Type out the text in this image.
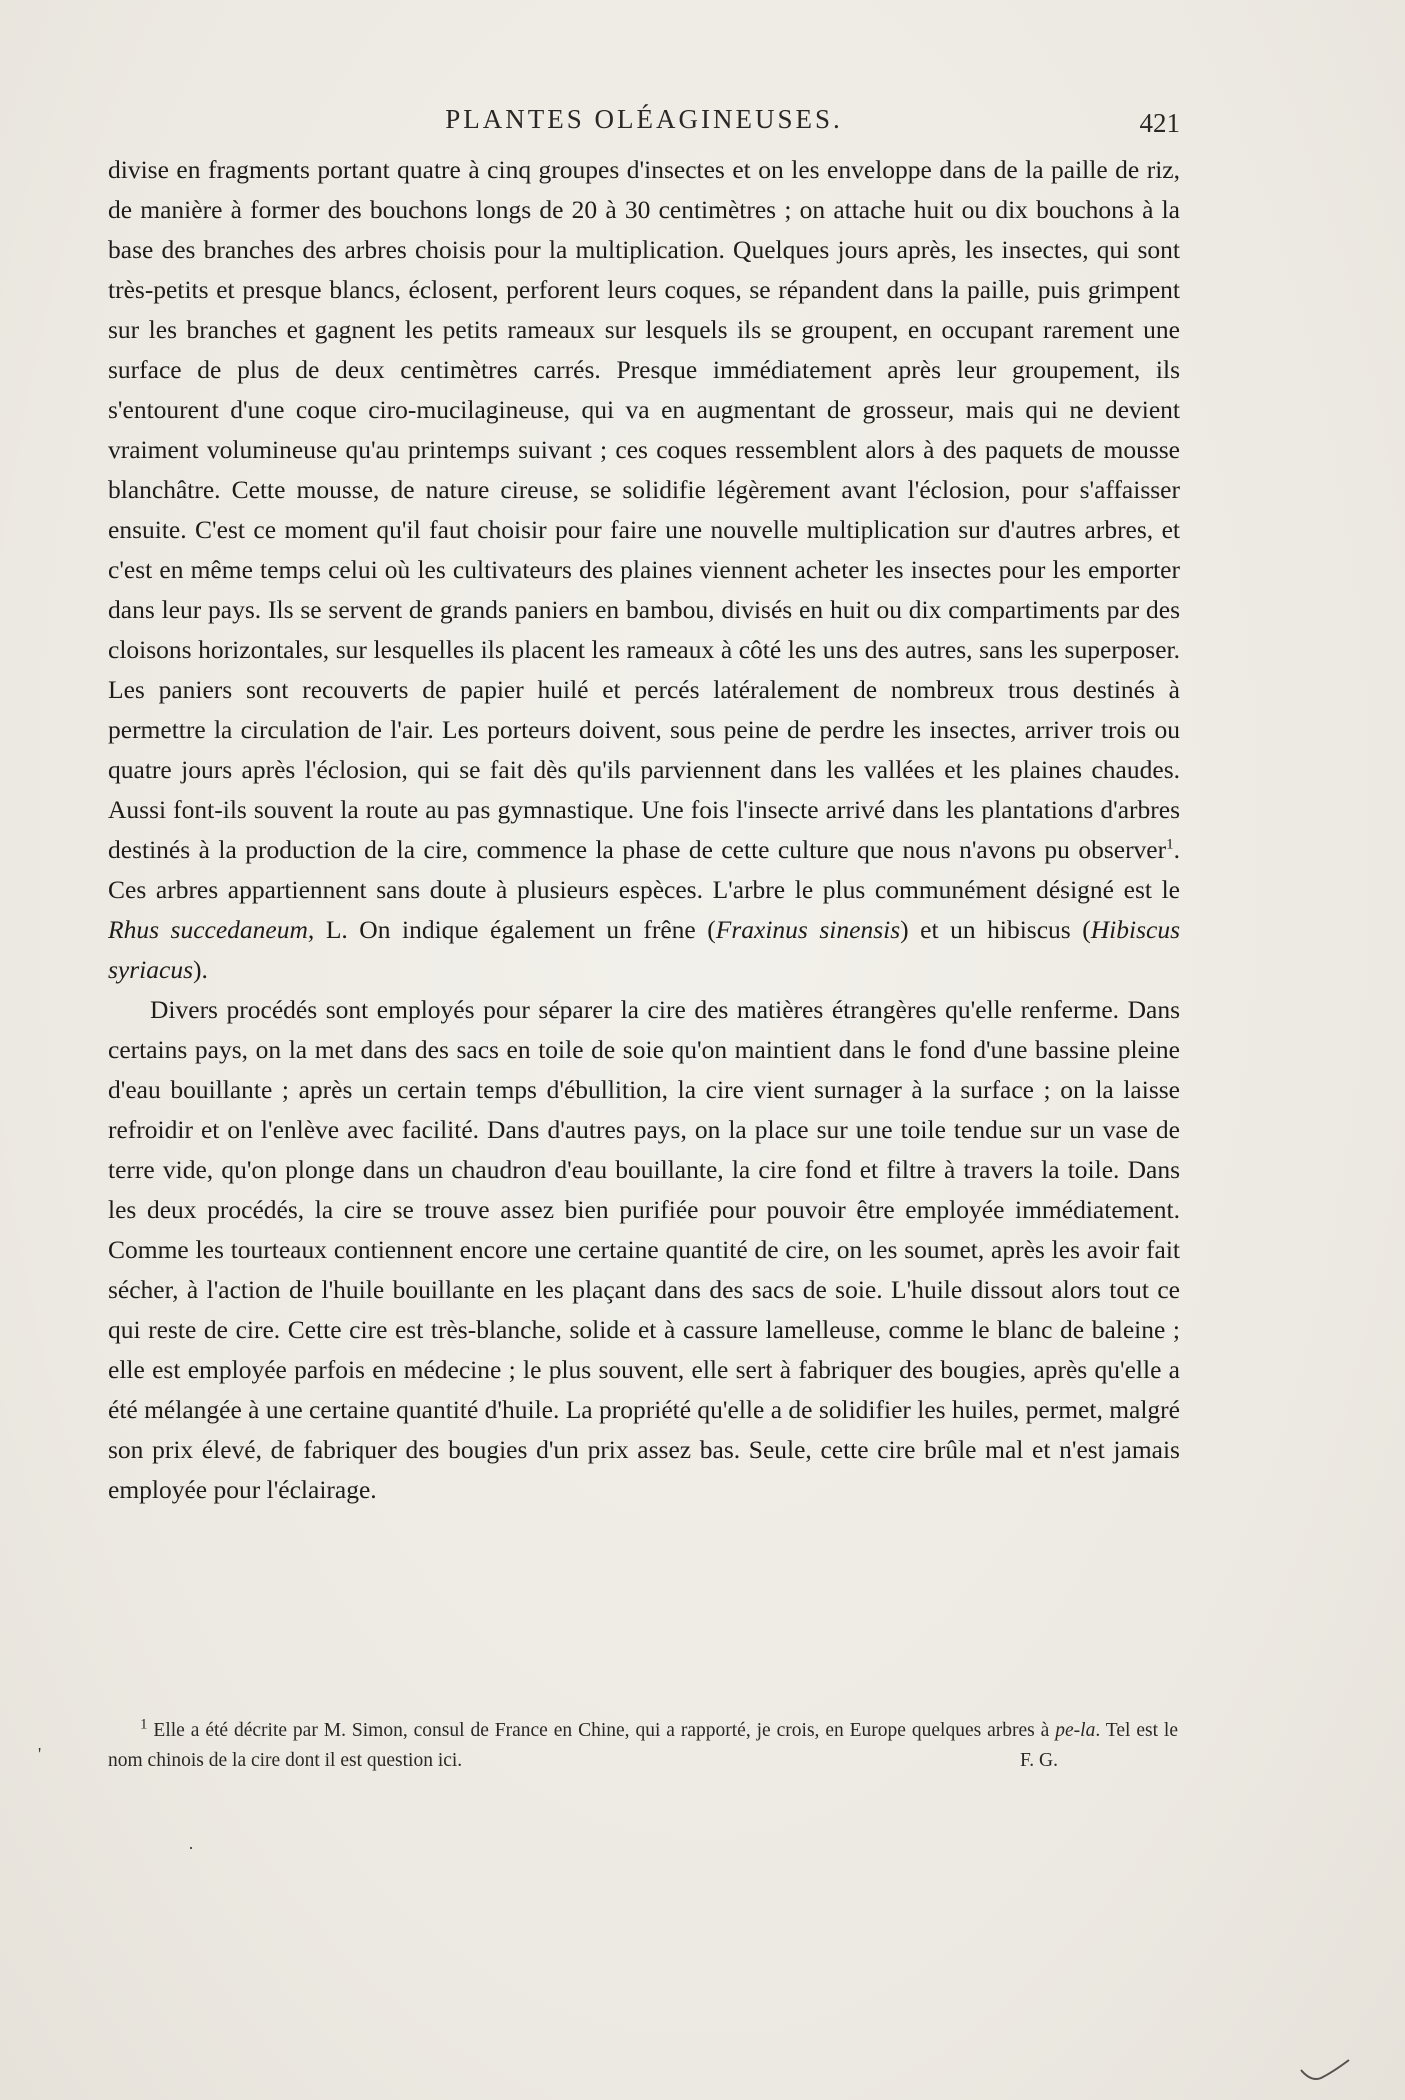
PLANTES OLÉAGINEUSES.	421

divise en fragments portant quatre à cinq groupes d'insectes et on les enveloppe dans de la paille de riz, de manière à former des bouchons longs de 20 à 30 centimètres ; on attache huit ou dix bouchons à la base des branches des arbres choisis pour la multiplication. Quelques jours après, les insectes, qui sont très-petits et presque blancs, éclosent, perforent leurs coques, se répandent dans la paille, puis grimpent sur les branches et gagnent les petits rameaux sur lesquels ils se groupent, en occupant rarement une surface de plus de deux centimètres carrés. Presque immédiatement après leur groupement, ils s'entourent d'une coque ciro-mucilagineuse, qui va en augmentant de grosseur, mais qui ne devient vraiment volumineuse qu'au printemps suivant ; ces coques ressemblent alors à des paquets de mousse blanchâtre. Cette mousse, de nature cireuse, se solidifie légèrement avant l'éclosion, pour s'affaisser ensuite. C'est ce moment qu'il faut choisir pour faire une nouvelle multiplication sur d'autres arbres, et c'est en même temps celui où les cultivateurs des plaines viennent acheter les insectes pour les emporter dans leur pays. Ils se servent de grands paniers en bambou, divisés en huit ou dix compartiments par des cloisons horizontales, sur lesquelles ils placent les rameaux à côté les uns des autres, sans les superposer. Les paniers sont recouverts de papier huilé et percés latéralement de nombreux trous destinés à permettre la circulation de l'air. Les porteurs doivent, sous peine de perdre les insectes, arriver trois ou quatre jours après l'éclosion, qui se fait dès qu'ils parviennent dans les vallées et les plaines chaudes. Aussi font-ils souvent la route au pas gymnastique. Une fois l'insecte arrivé dans les plantations d'arbres destinés à la production de la cire, commence la phase de cette culture que nous n'avons pu observer$^1$. Ces arbres appartiennent sans doute à plusieurs espèces. L'arbre le plus communément désigné est le Rhus succedaneum, L. On indique également un frêne (Fraxinus sinensis) et un hibiscus (Hibiscus syriacus).

Divers procédés sont employés pour séparer la cire des matières étrangères qu'elle renferme. Dans certains pays, on la met dans des sacs en toile de soie qu'on maintient dans le fond d'une bassine pleine d'eau bouillante ; après un certain temps d'ébullition, la cire vient surnager à la surface ; on la laisse refroidir et on l'enlève avec facilité. Dans d'autres pays, on la place sur une toile tendue sur un vase de terre vide, qu'on plonge dans un chaudron d'eau bouillante, la cire fond et filtre à travers la toile. Dans les deux procédés, la cire se trouve assez bien purifiée pour pouvoir être employée immédiatement. Comme les tourteaux contiennent encore une certaine quantité de cire, on les soumet, après les avoir fait sécher, à l'action de l'huile bouillante en les plaçant dans des sacs de soie. L'huile dissout alors tout ce qui reste de cire. Cette cire est très-blanche, solide et à cassure lamelleuse, comme le blanc de baleine ; elle est employée parfois en médecine ; le plus souvent, elle sert à fabriquer des bougies, après qu'elle a été mélangée à une certaine quantité d'huile. La propriété qu'elle a de solidifier les huiles, permet, malgré son prix élevé, de fabriquer des bougies d'un prix assez bas. Seule, cette cire brûle mal et n'est jamais employée pour l'éclairage.

$^1$ Elle a été décrite par M. Simon, consul de France en Chine, qui a rapporté, je crois, en Europe quelques arbres à pe-la. Tel est le nom chinois de la cire dont il est question ici.	F. G.

'
·
